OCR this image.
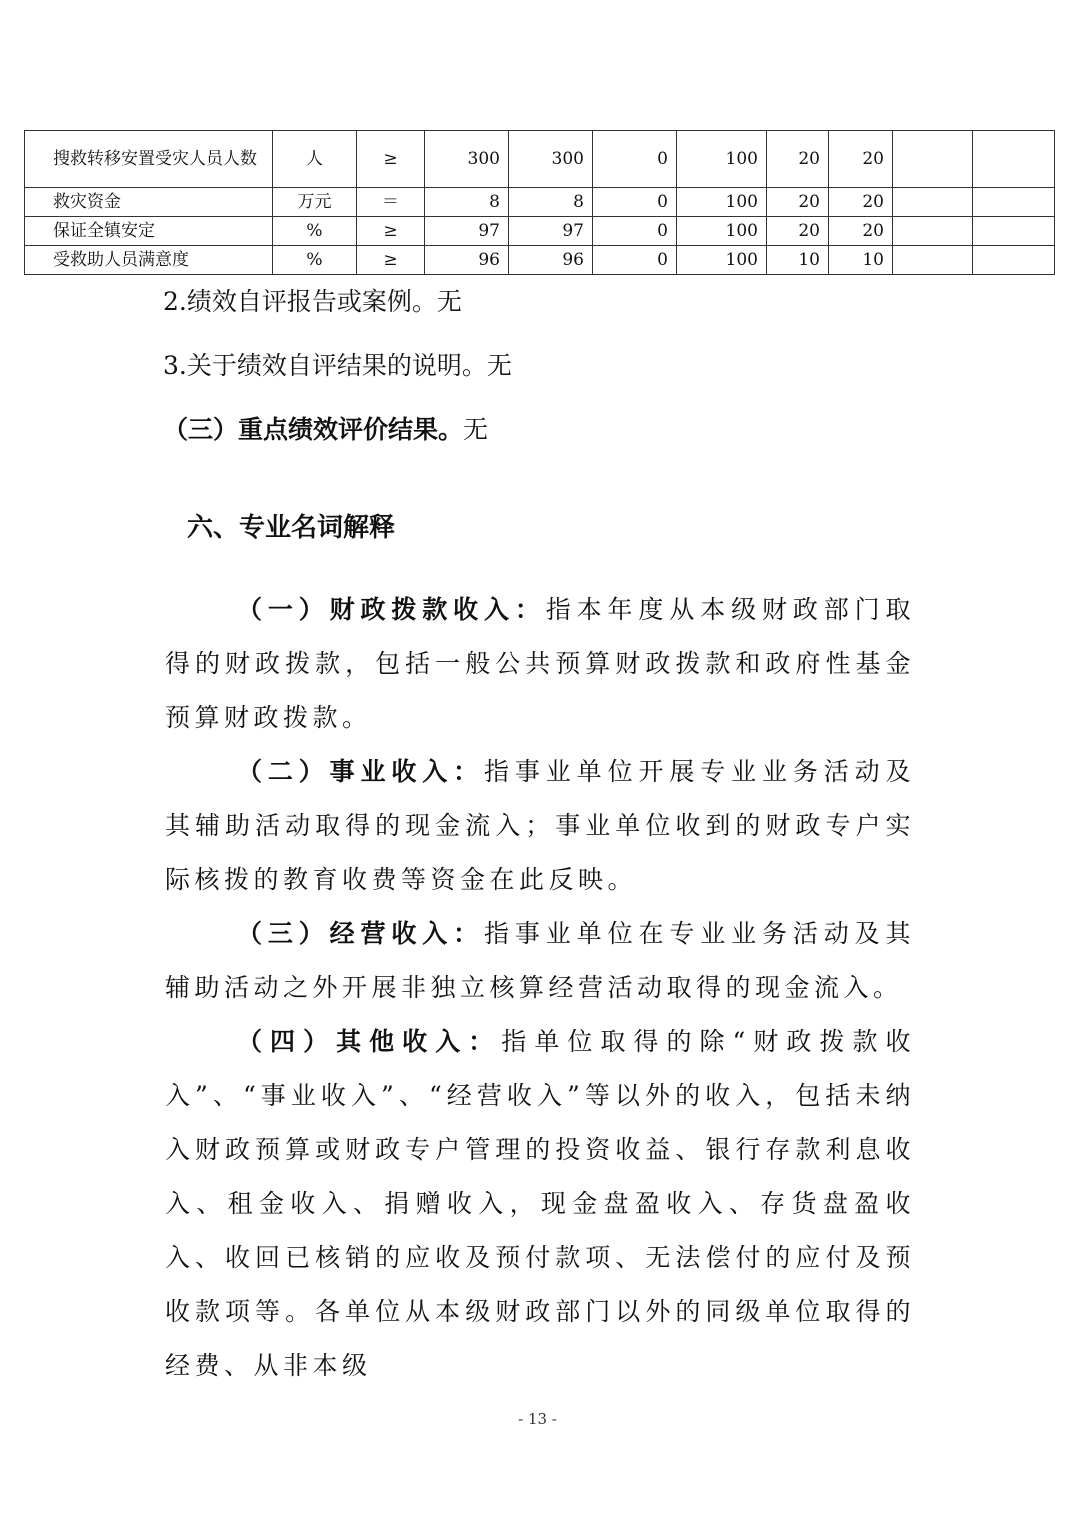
搜救转移安置受灾人员人数	人	≥	300	300	0	100	20	20		
救灾资金	万元	＝	8	8	0	100	20	20		
保证全镇安定	%	≥	97	97	0	100	20	20		
受救助人员满意度	%	≥	96	96	0	100	10	10		
2.绩效自评报告或案例。无
3.关于绩效自评结果的说明。无
（三）重点绩效评价结果。无
六、专业名词解释
（一）财政拨款收入：指本年度从本级财政部门取得的财政拨款，包括一般公共预算财政拨款和政府性基金预算财政拨款。
（二）事业收入：指事业单位开展专业业务活动及其辅助活动取得的现金流入；事业单位收到的财政专户实际核拨的教育收费等资金在此反映。
（三）经营收入：指事业单位在专业业务活动及其辅助活动之外开展非独立核算经营活动取得的现金流入。
（四）其他收入：指单位取得的除“财政拨款收入”、“事业收入”、“经营收入”等以外的收入，包括未纳入财政预算或财政专户管理的投资收益、银行存款利息收入、租金收入、捐赠收入，现金盘盈收入、存货盘盈收入、收回已核销的应收及预付款项、无法偿付的应付及预收款项等。各单位从本级财政部门以外的同级单位取得的经费、从非本级
- 13 -
